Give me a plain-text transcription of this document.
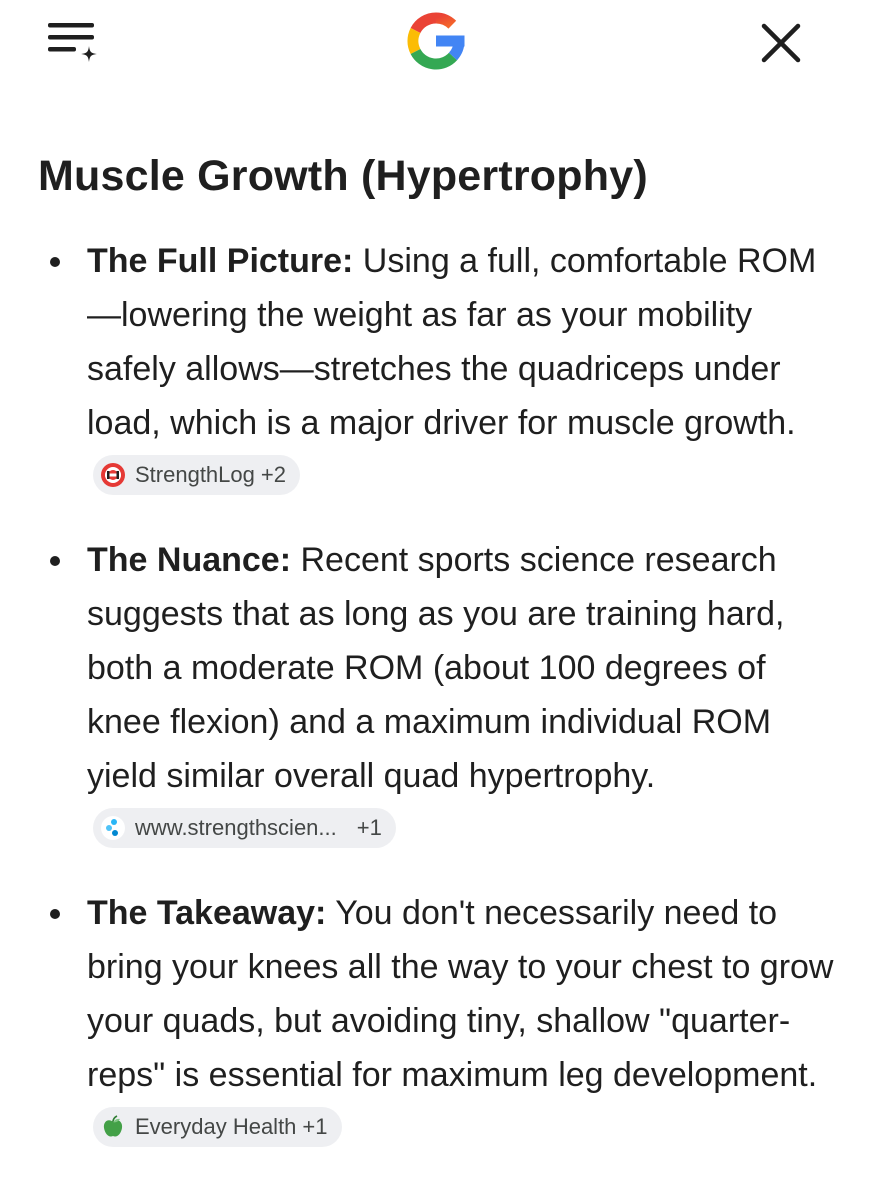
Muscle Growth (Hypertrophy)
The Full Picture: Using a full, comfortable ROM—lowering the weight as far as your mobility safely allows—stretches the quadriceps under load, which is a major driver for muscle growth.
StrengthLog +2
The Nuance: Recent sports science research suggests that as long as you are training hard, both a moderate ROM (about 100 degrees of knee flexion) and a maximum individual ROM yield similar overall quad hypertrophy.
www.strengthscien... +1
The Takeaway: You don't necessarily need to bring your knees all the way to your chest to grow your quads, but avoiding tiny, shallow "quarter-reps" is essential for maximum leg development.
Everyday Health +1
